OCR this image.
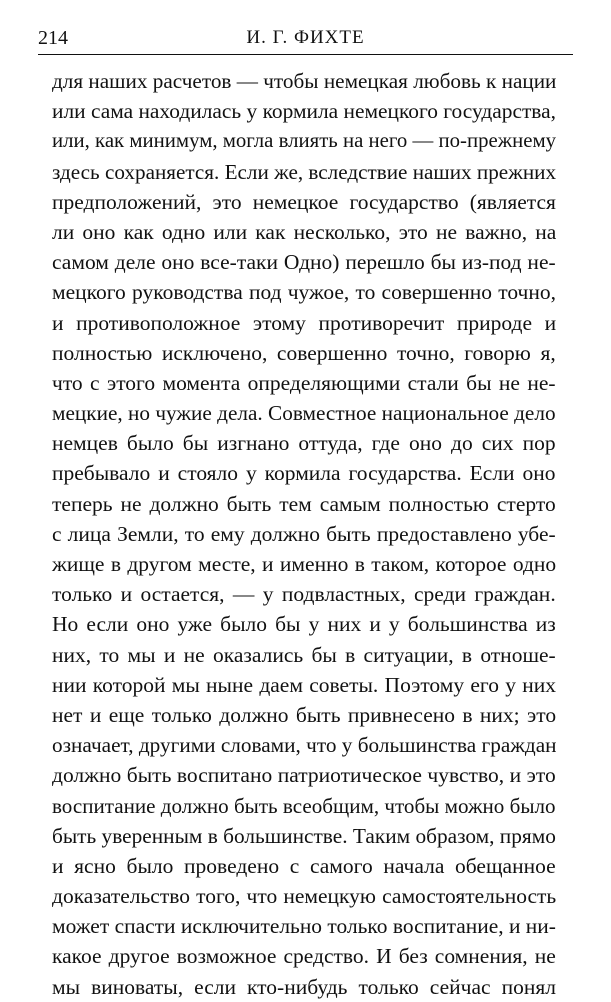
214	И. Г. ФИХТЕ
для наших расчетов — чтобы немецкая любовь к нации
или сама находилась у кормила немецкого государства,
или, как минимум, могла влиять на него — по-прежнему
здесь сохраняется. Если же, вследствие наших прежних
предположений, это немецкое государство (является
ли оно как одно или как несколько, это не важно, на
самом деле оно все-таки Одно) перешло бы из-под не-
мецкого руководства под чужое, то совершенно точно,
и противоположное этому противоречит природе и
полностью исключено, совершенно точно, говорю я,
что с этого момента определяющими стали бы не не-
мецкие, но чужие дела. Совместное национальное дело
немцев было бы изгнано оттуда, где оно до сих пор
пребывало и стояло у кормила государства. Если оно
теперь не должно быть тем самым полностью стерто
с лица Земли, то ему должно быть предоставлено убе-
жище в другом месте, и именно в таком, которое одно
только и остается, — у подвластных, среди граждан.
Но если оно уже было бы у них и у большинства из
них, то мы и не оказались бы в ситуации, в отноше-
нии которой мы ныне даем советы. Поэтому его у них
нет и еще только должно быть привнесено в них; это
означает, другими словами, что у большинства граждан
должно быть воспитано патриотическое чувство, и это
воспитание должно быть всеобщим, чтобы можно было
быть уверенным в большинстве. Таким образом, прямо
и ясно было проведено с самого начала обещанное
доказательство того, что немецкую самостоятельность
может спасти исключительно только воспитание, и ни-
какое другое возможное средство. И без сомнения, не
мы виноваты, если кто-нибудь только сейчас понял
